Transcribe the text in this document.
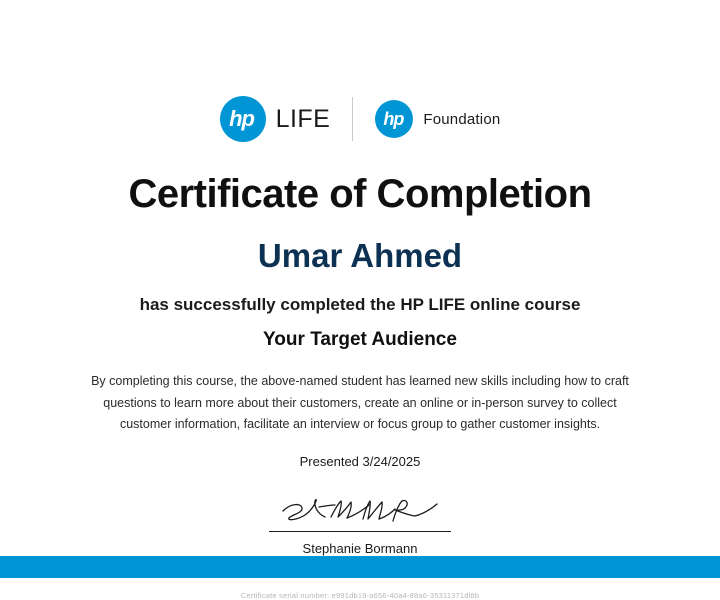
hp LIFE	hp	Foundation
Certificate of Completion
Umar Ahmed
has successfully completed the HP LIFE online course
Your Target Audience
By completing this course, the above-named student has learned new skills including how to craft questions to learn more about their customers, create an online or in-person survey to collect customer information, facilitate an interview or focus group to gather customer insights.
Presented 3/24/2025
Stephanie Bormann
Certificate serial number: e991db19-a656-40a4-88a6-35311371dl8b
